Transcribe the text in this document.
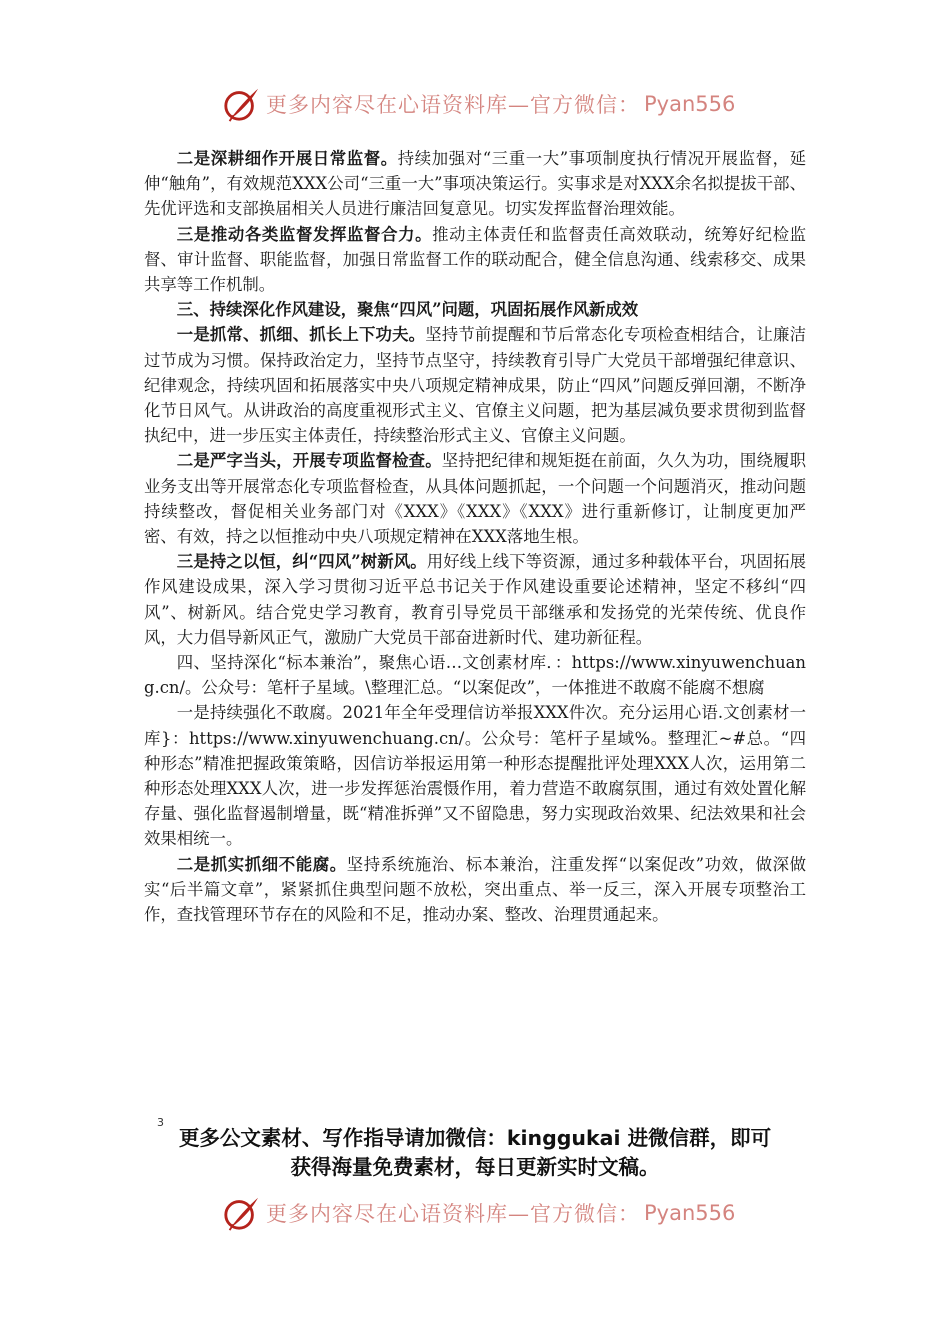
更多内容尽在心语资料库—官方微信： Pyan556

二是深耕细作开展日常监督。持续加强对“三重一大”事项制度执行情况开展监督，延伸“触角”，有效规范XXX公司“三重一大”事项决策运行。实事求是对XXX余名拟提拔干部、先优评选和支部换届相关人员进行廉洁回复意见。切实发挥监督治理效能。

三是推动各类监督发挥监督合力。推动主体责任和监督责任高效联动，统筹好纪检监督、审计监督、职能监督，加强日常监督工作的联动配合，健全信息沟通、线索移交、成果共享等工作机制。

三、持续深化作风建设，聚焦“四风”问题，巩固拓展作风新成效

一是抓常、抓细、抓长上下功夫。坚持节前提醒和节后常态化专项检查相结合，让廉洁过节成为习惯。保持政治定力，坚持节点坚守，持续教育引导广大党员干部增强纪律意识、纪律观念，持续巩固和拓展落实中央八项规定精神成果，防止“四风”问题反弹回潮，不断净化节日风气。从讲政治的高度重视形式主义、官僚主义问题，把为基层减负要求贯彻到监督执纪中，进一步压实主体责任，持续整治形式主义、官僚主义问题。

二是严字当头，开展专项监督检查。坚持把纪律和规矩挺在前面，久久为功，围绕履职业务支出等开展常态化专项监督检查，从具体问题抓起，一个问题一个问题消灭，推动问题持续整改，督促相关业务部门对《XXX》《XXX》《XXX》进行重新修订，让制度更加严密、有效，持之以恒推动中央八项规定精神在XXX落地生根。

三是持之以恒，纠“四风”树新风。用好线上线下等资源，通过多种载体平台，巩固拓展作风建设成果，深入学习贯彻习近平总书记关于作风建设重要论述精神，坚定不移纠“四风”、树新风。结合党史学习教育，教育引导党员干部继承和发扬党的光荣传统、优良作风，大力倡导新风正气，激励广大党员干部奋进新时代、建功新征程。

四、坚持深化“标本兼治”，聚焦心语…文创素材库．：https://www.xinyuwenchuang.cn/。公众号：笔杆子星域。\整理汇总。“以案促改”，一体推进不敢腐不能腐不想腐

一是持续强化不敢腐。2021年全年受理信访举报XXX件次。充分运用心语.文创素材一库}：https://www.xinyuwenchuang.cn/。公众号：笔杆子星域%。整理汇~#总。“四种形态”精准把握政策策略，因信访举报运用第一种形态提醒批评处理XXX人次，运用第二种形态处理XXX人次，进一步发挥惩治震慑作用，着力营造不敢腐氛围，通过有效处置化解存量、强化监督遏制增量，既“精准拆弹”又不留隐患，努力实现政治效果、纪法效果和社会效果相统一。

二是抓实抓细不能腐。坚持系统施治、标本兼治，注重发挥“以案促改”功效，做深做实“后半篇文章”，紧紧抓住典型问题不放松，突出重点、举一反三，深入开展专项整治工作，查找管理环节存在的风险和不足，推动办案、整改、治理贯通起来。

3
更多公文素材、写作指导请加微信：kinggukai 进微信群，即可
获得海量免费素材，每日更新实时文稿。
更多内容尽在心语资料库—官方微信： Pyan556
